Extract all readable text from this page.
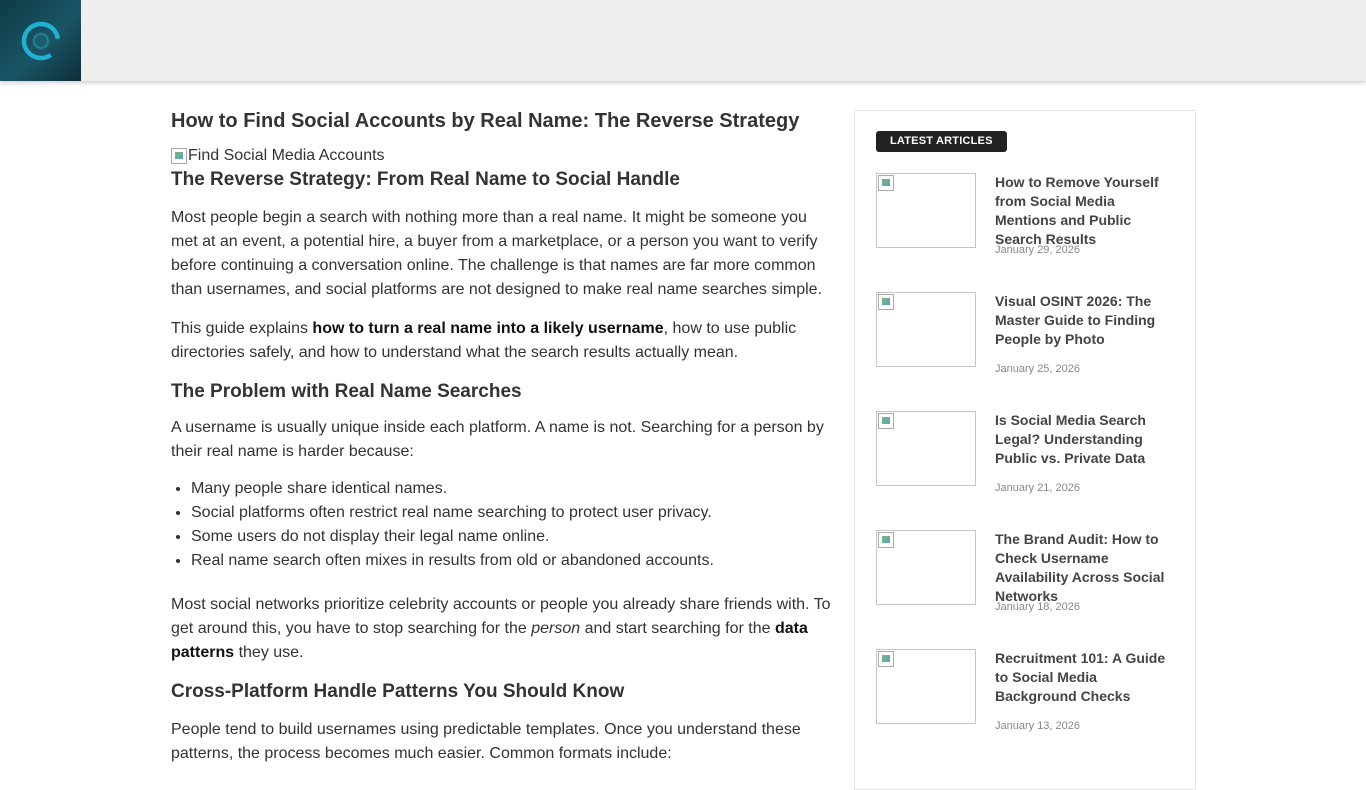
How to Find Social Accounts by Real Name: The Reverse Strategy
Find Social Media Accounts
The Reverse Strategy: From Real Name to Social Handle

Most people begin a search with nothing more than a real name. It might be someone you met at an event, a potential hire, a buyer from a marketplace, or a person you want to verify before continuing a conversation online. The challenge is that names are far more common than usernames, and social platforms are not designed to make real name searches simple.

This guide explains how to turn a real name into a likely username, how to use public directories safely, and how to understand what the search results actually mean.

The Problem with Real Name Searches

A username is usually unique inside each platform. A name is not. Searching for a person by their real name is harder because:

• Many people share identical names.
• Social platforms often restrict real name searching to protect user privacy.
• Some users do not display their legal name online.
• Real name search often mixes in results from old or abandoned accounts.

Most social networks prioritize celebrity accounts or people you already share friends with. To get around this, you have to stop searching for the person and start searching for the data patterns they use.

Cross-Platform Handle Patterns You Should Know

People tend to build usernames using predictable templates. Once you understand these patterns, the process becomes much easier. Common formats include:

LATEST ARTICLES
How to Remove Yourself from Social Media Mentions and Public Search Results
January 29, 2026
Visual OSINT 2026: The Master Guide to Finding People by Photo
January 25, 2026
Is Social Media Search Legal? Understanding Public vs. Private Data
January 21, 2026
The Brand Audit: How to Check Username Availability Across Social Networks
January 18, 2026
Recruitment 101: A Guide to Social Media Background Checks
January 13, 2026
